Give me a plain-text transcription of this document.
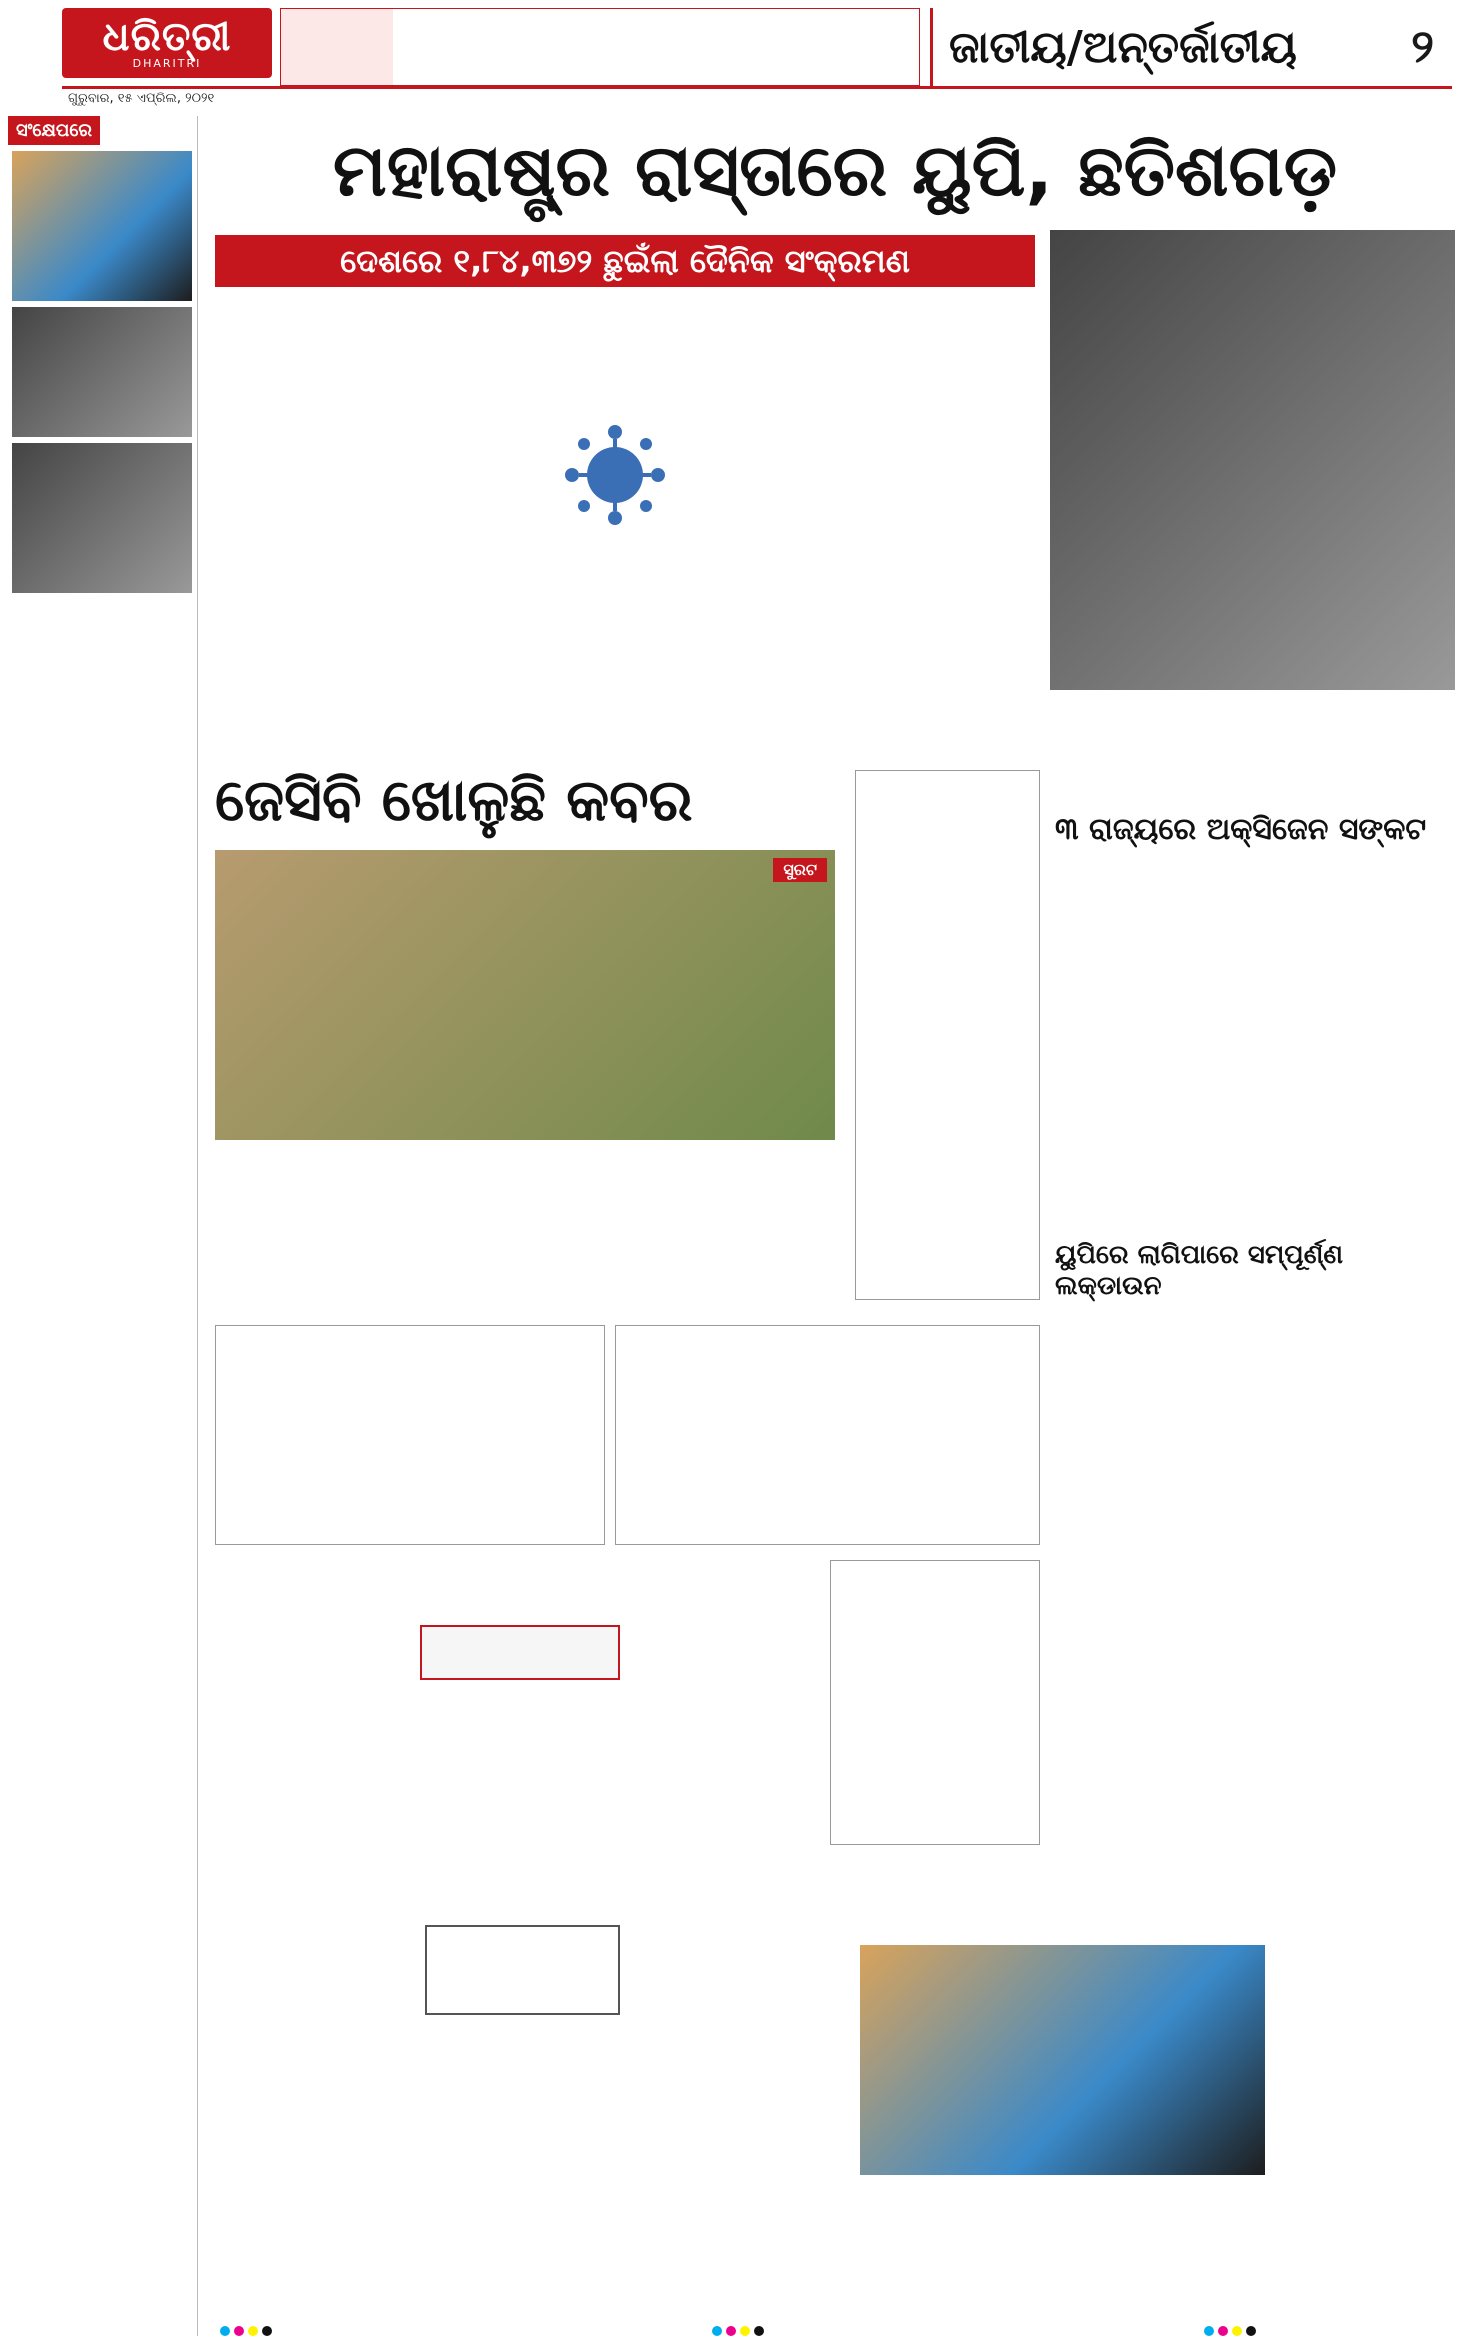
ଧରିତ୍ରୀ
DHARITRI	ଜାତୀୟ/ଅନ୍ତର୍ଜାତୀୟ ୨
ଗୁରୁବାର, ୧୫ ଏପ୍ରିଲ, ୨୦୨୧
ସଂକ୍ଷେପରେ	ମହାରାଷ୍ଟ୍ର ରାସ୍ତାରେ ୟୁପି, ଛତିଶଗଡ଼
ଦେଶରେ ୧,୮୪,୩୭୨ ଛୁଇଁଲା ଦୈନିକ ସଂକ୍ରମଣ
ଜେସିବି ଖୋଳୁଛି କବର
ସୁରଟ
୩ ରାଜ୍ୟରେ ଅକ୍ସିଜେନ ସଙ୍କଟ
ୟୁପିରେ ଲାଗିପାରେ ସମ୍ପୂର୍ଣ୍ଣ ଲକ୍‌ଡାଉନ
